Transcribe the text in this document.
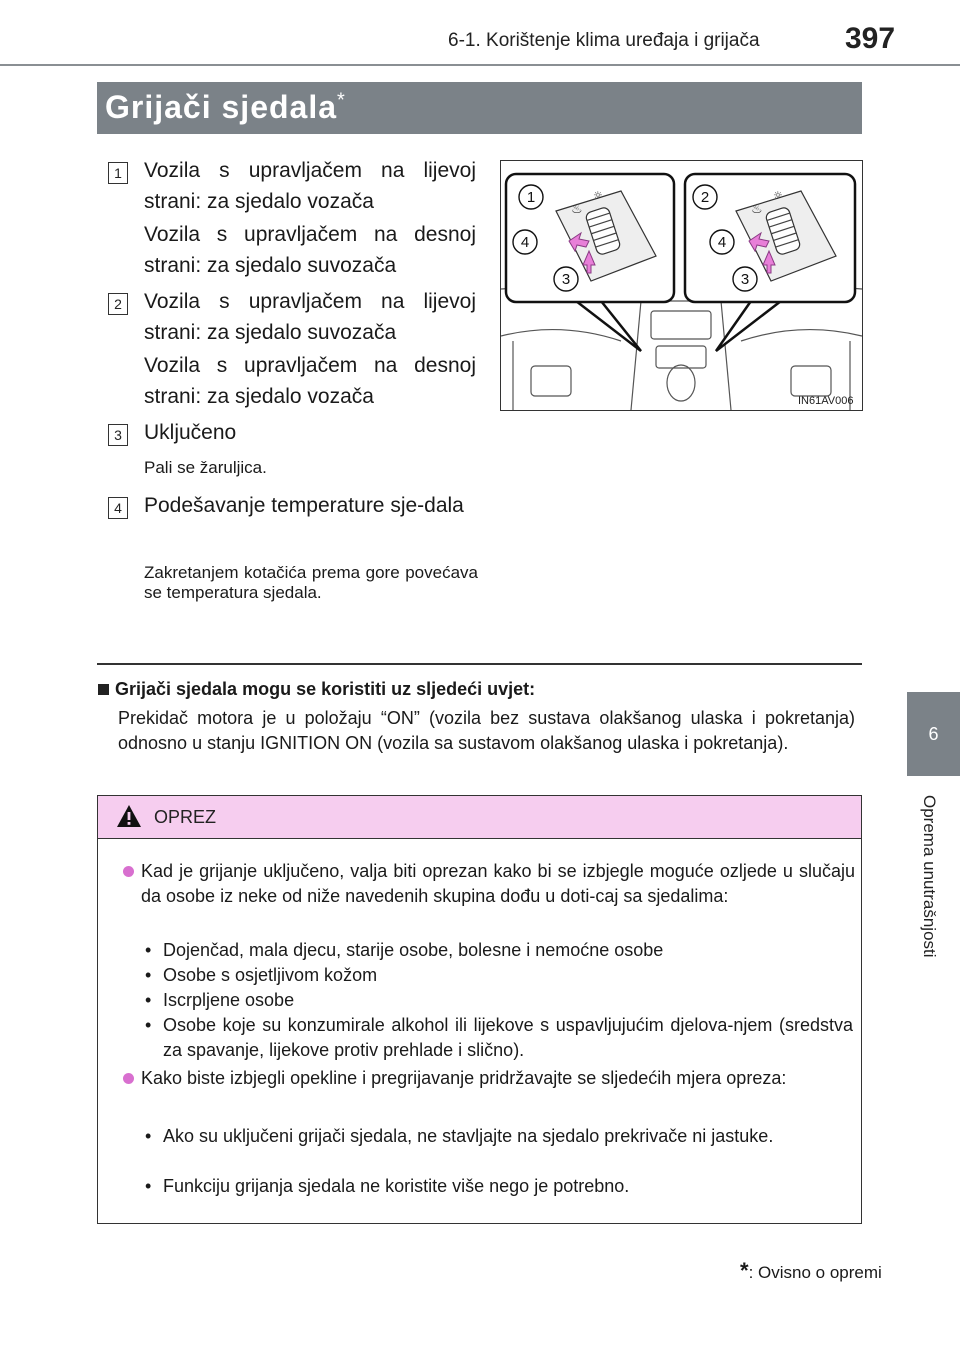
6-1. Korištenje klima uređaja i grijača	397
6
Oprema unutrašnjosti
Grijači sjedala*
1 Vozila s upravljačem na lijevoj strani: za sjedalo vozača
Vozila s upravljačem na desnoj strani: za sjedalo suvozača
2 Vozila s upravljačem na lijevoj strani: za sjedalo suvozača
Vozila s upravljačem na desnoj strani: za sjedalo vozača
3 Uključeno
Pali se žaruljica.
4 Podešavanje temperature sje-dala
Zakretanjem kotačića prema gore povećava se temperatura sjedala.
♨
☼
♨
☼
1
4
3
2
4
3
IN61AV006
Grijači sjedala mogu se koristiti uz sljedeći uvjet:
Prekidač motora je u položaju “ON” (vozila bez sustava olakšanog ulaska i pokretanja) odnosno u stanju IGNITION ON (vozila sa sustavom olakšanog ulaska i pokretanja).
OPREZ
Kad je grijanje uključeno, valja biti oprezan kako bi se izbjegle moguće ozljede u slučaju da osobe iz neke od niže navedenih skupina dođu u doti-caj sa sjedalima:
• Dojenčad, mala djecu, starije osobe, bolesne i nemoćne osobe
• Osobe s osjetljivom kožom
• Iscrpljene osobe
• Osobe koje su konzumirale alkohol ili lijekove s uspavljujućim djelova-njem (sredstva za spavanje, lijekove protiv prehlade i slično).
Kako biste izbjegli opekline i pregrijavanje pridržavajte se sljedećih mjera opreza:
• Ako su uključeni grijači sjedala, ne stavljajte na sjedalo prekrivače ni jastuke.
• Funkciju grijanja sjedala ne koristite više nego je potrebno.
*: Ovisno o opremi
